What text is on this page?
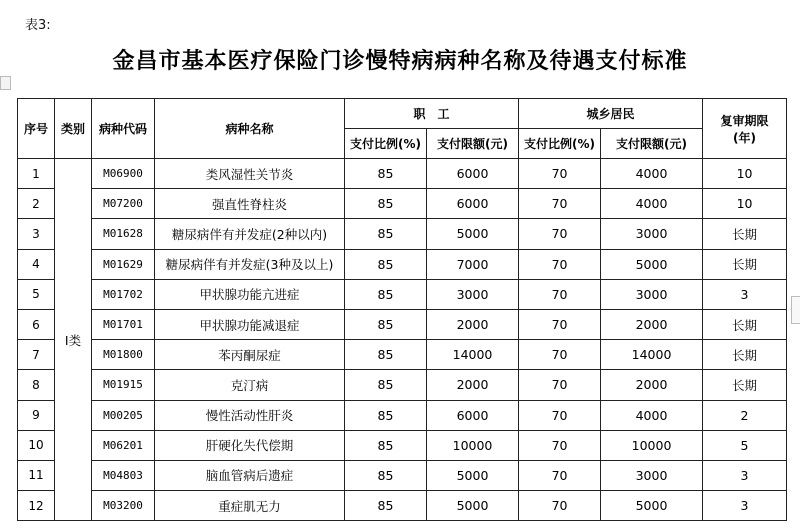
表3:
金昌市基本医疗保险门诊慢特病病种名称及待遇支付标准
序号	类别	病种代码	病种名称	职　工		城乡居民		复审期限
(年)

				支付比例(%)	支付限额(元)	支付比例(%)	支付限额(元)	
1	I类	M06900	类风湿性关节炎	85	6000	70	4000	10
2		M07200	强直性脊柱炎	85	6000	70	4000	10
3		M01628	糖尿病伴有并发症(2种以内)	85	5000	70	3000	长期
4		M01629	糖尿病伴有并发症(3种及以上)	85	7000	70	5000	长期
5		M01702	甲状腺功能亢进症	85	3000	70	3000	3
6		M01701	甲状腺功能减退症	85	2000	70	2000	长期
7		M01800	苯丙酮尿症	85	14000	70	14000	长期
8		M01915	克汀病	85	2000	70	2000	长期
9		M00205	慢性活动性肝炎	85	6000	70	4000	2
10		M06201	肝硬化失代偿期	85	10000	70	10000	5
11		M04803	脑血管病后遗症	85	5000	70	3000	3
12		M03200	重症肌无力	85	5000	70	5000	3
